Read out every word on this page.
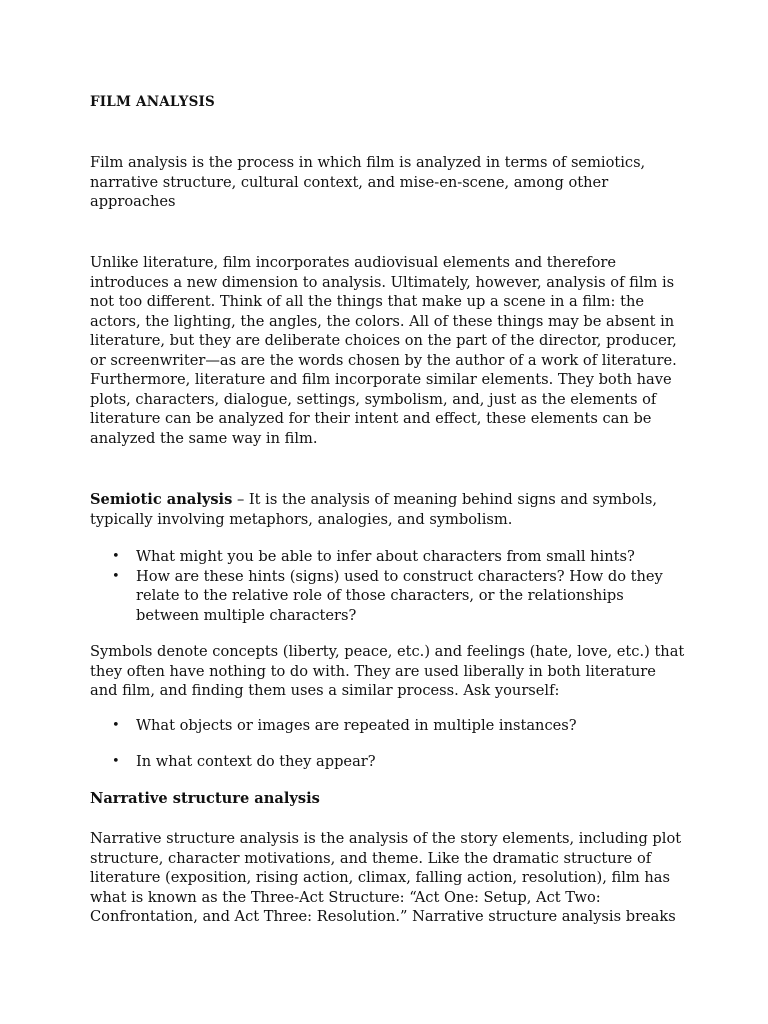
FILM ANALYSIS
Film analysis is the process in which film is analyzed in terms of semiotics,
narrative structure, cultural context, and mise-en-scene, among other
approaches
Unlike literature, film incorporates audiovisual elements and therefore
introduces a new dimension to analysis. Ultimately, however, analysis of film is
not too different. Think of all the things that make up a scene in a film: the
actors, the lighting, the angles, the colors. All of these things may be absent in
literature, but they are deliberate choices on the part of the director, producer,
or screenwriter—as are the words chosen by the author of a work of literature.
Furthermore, literature and film incorporate similar elements. They both have
plots, characters, dialogue, settings, symbolism, and, just as the elements of
literature can be analyzed for their intent and effect, these elements can be
analyzed the same way in film.
Semiotic analysis – It is the analysis of meaning behind signs and symbols,
typically involving metaphors, analogies, and symbolism.
• What might you be able to infer about characters from small hints?
• How are these hints (signs) used to construct characters? How do they
relate to the relative role of those characters, or the relationships
between multiple characters?
Symbols denote concepts (liberty, peace, etc.) and feelings (hate, love, etc.) that
they often have nothing to do with. They are used liberally in both literature
and film, and finding them uses a similar process. Ask yourself:
• What objects or images are repeated in multiple instances?
• In what context do they appear?
Narrative structure analysis
Narrative structure analysis is the analysis of the story elements, including plot
structure, character motivations, and theme. Like the dramatic structure of
literature (exposition, rising action, climax, falling action, resolution), film has
what is known as the Three-Act Structure: “Act One: Setup, Act Two:
Confrontation, and Act Three: Resolution.” Narrative structure analysis breaks
